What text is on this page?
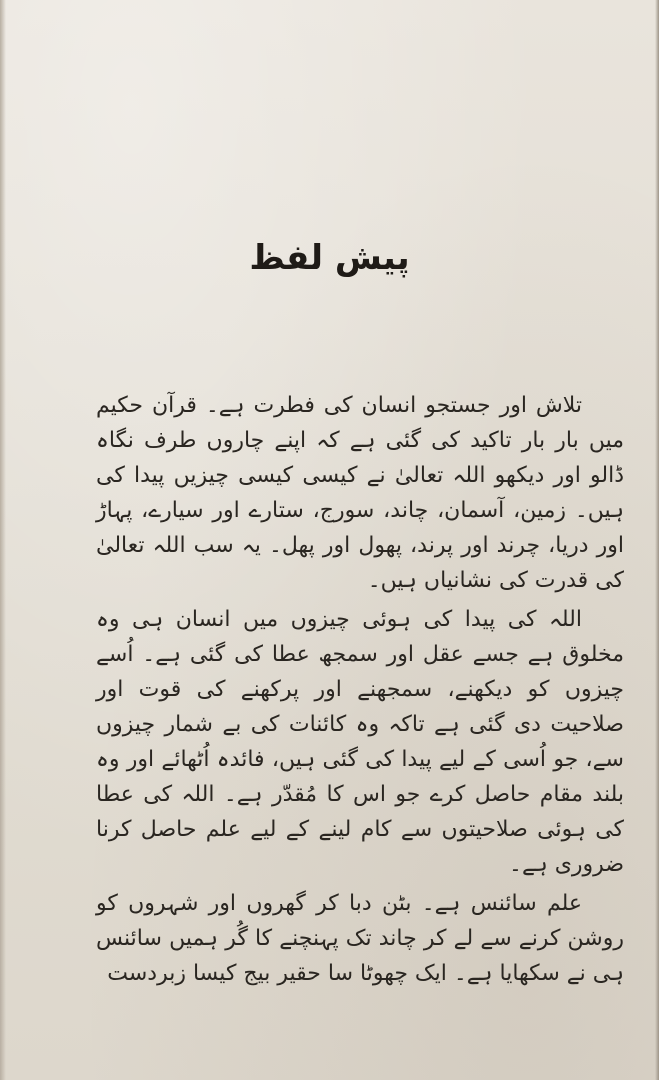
پیش لفظ

تلاش اور جستجو انسان کی فطرت ہے۔ قرآن حکیم میں بار بار تاکید کی گئی ہے کہ اپنے چاروں طرف نگاہ ڈالو اور دیکھو اللہ تعالیٰ نے کیسی کیسی چیزیں پیدا کی ہیں۔ زمین، آسمان، چاند، سورج، ستارے اور سیارے، پہاڑ اور دریا، چرند اور پرند، پھول اور پھل۔ یہ سب اللہ تعالیٰ کی قدرت کی نشانیاں ہیں۔

اللہ کی پیدا کی ہوئی چیزوں میں انسان ہی وہ مخلوق ہے جسے عقل اور سمجھ عطا کی گئی ہے۔ اُسے چیزوں کو دیکھنے، سمجھنے اور پرکھنے کی قوت اور صلاحیت دی گئی ہے تاکہ وہ کائنات کی بے شمار چیزوں سے، جو اُسی کے لیے پیدا کی گئی ہیں، فائدہ اُٹھائے اور وہ بلند مقام حاصل کرے جو اس کا مُقدّر ہے۔ اللہ کی عطا کی ہوئی صلاحیتوں سے کام لینے کے لیے علم حاصل کرنا ضروری ہے۔

علم سائنس ہے۔ بٹن دبا کر گھروں اور شہروں کو روشن کرنے سے لے کر چاند تک پہنچنے کا گُر ہمیں سائنس ہی نے سکھایا ہے۔ ایک چھوٹا سا حقیر بیج کیسا زبردست
